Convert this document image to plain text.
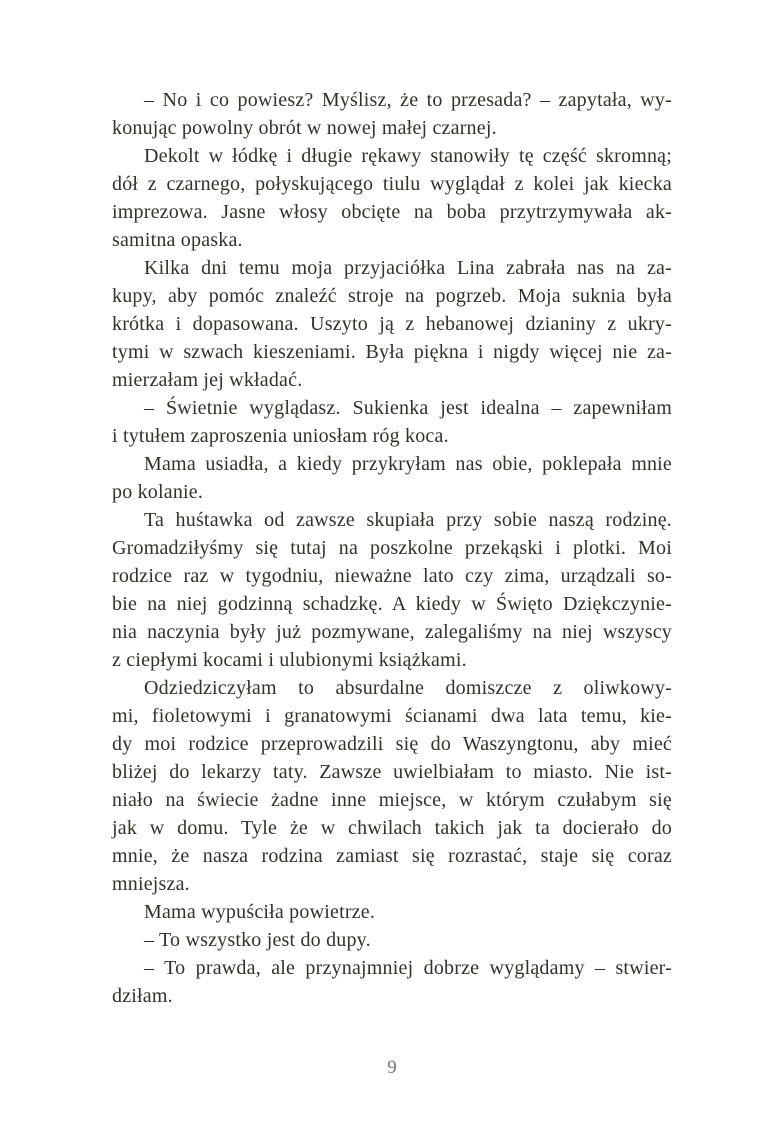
– No i co powiesz? Myślisz, że to przesada? – zapytała, wy-
konując powolny obrót w nowej małej czarnej.
Dekolt w łódkę i długie rękawy stanowiły tę część skromną;
dół z czarnego, połyskującego tiulu wyglądał z kolei jak kiecka
imprezowa. Jasne włosy obcięte na boba przytrzymywała ak-
samitna opaska.
Kilka dni temu moja przyjaciółka Lina zabrała nas na za-
kupy, aby pomóc znaleźć stroje na pogrzeb. Moja suknia była
krótka i dopasowana. Uszyto ją z hebanowej dzianiny z ukry-
tymi w szwach kieszeniami. Była piękna i nigdy więcej nie za-
mierzałam jej wkładać.
– Świetnie wyglądasz. Sukienka jest idealna – zapewniłam
i tytułem zaproszenia uniosłam róg koca.
Mama usiadła, a kiedy przykryłam nas obie, poklepała mnie
po kolanie.
Ta huśtawka od zawsze skupiała przy sobie naszą rodzinę.
Gromadziłyśmy się tutaj na poszkolne przekąski i plotki. Moi
rodzice raz w tygodniu, nieważne lato czy zima, urządzali so-
bie na niej godzinną schadzkę. A kiedy w Święto Dziękczynie-
nia naczynia były już pozmywane, zalegaliśmy na niej wszyscy
z ciepłymi kocami i ulubionymi książkami.
Odziedziczyłam to absurdalne domiszcze z oliwkowy-
mi, fioletowymi i granatowymi ścianami dwa lata temu, kie-
dy moi rodzice przeprowadzili się do Waszyngtonu, aby mieć
bliżej do lekarzy taty. Zawsze uwielbiałam to miasto. Nie ist-
niało na świecie żadne inne miejsce, w którym czułabym się
jak w domu. Tyle że w chwilach takich jak ta docierało do
mnie, że nasza rodzina zamiast się rozrastać, staje się coraz
mniejsza.
Mama wypuściła powietrze.
– To wszystko jest do dupy.
– To prawda, ale przynajmniej dobrze wyglądamy – stwier-
dziłam.
9
